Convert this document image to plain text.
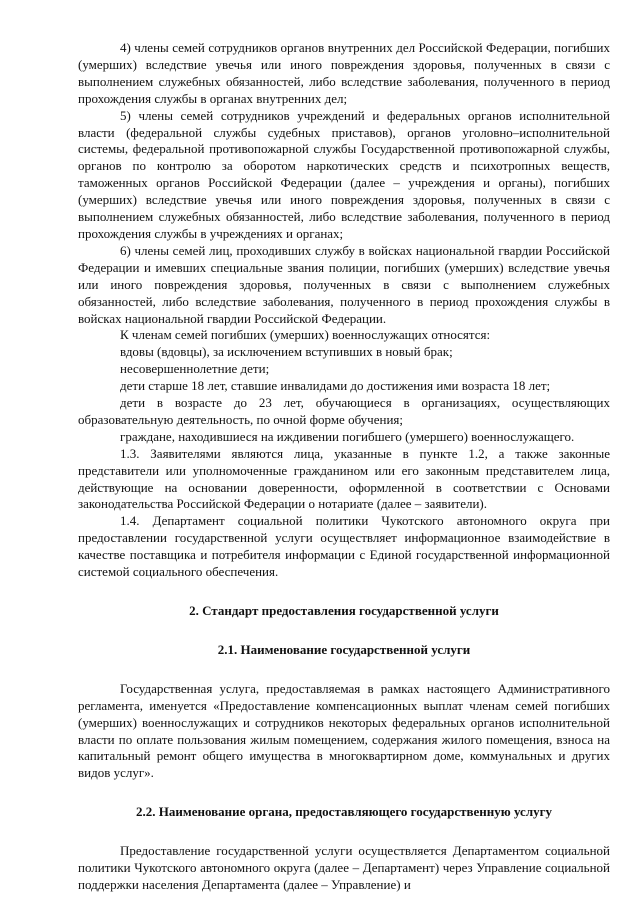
4) члены семей сотрудников органов внутренних дел Российской Федерации, погибших (умерших) вследствие увечья или иного повреждения здоровья, полученных в связи с выполнением служебных обязанностей, либо вследствие заболевания, полученного в период прохождения службы в органах внутренних дел;

5) члены семей сотрудников учреждений и федеральных органов исполнительной власти (федеральной службы судебных приставов), органов уголовно–исполнительной системы, федеральной противопожарной службы Государственной противопожарной службы, органов по контролю за оборотом наркотических средств и психотропных веществ, таможенных органов Российской Федерации (далее – учреждения и органы), погибших (умерших) вследствие увечья или иного повреждения здоровья, полученных в связи с выполнением служебных обязанностей, либо вследствие заболевания, полученного в период прохождения службы в учреждениях и органах;

6) члены семей лиц, проходивших службу в войсках национальной гвардии Российской Федерации и имевших специальные звания полиции, погибших (умерших) вследствие увечья или иного повреждения здоровья, полученных в связи с выполнением служебных обязанностей, либо вследствие заболевания, полученного в период прохождения службы в войсках национальной гвардии Российской Федерации.

К членам семей погибших (умерших) военнослужащих относятся:

вдовы (вдовцы), за исключением вступивших в новый брак;

несовершеннолетние дети;

дети старше 18 лет, ставшие инвалидами до достижения ими возраста 18 лет;

дети в возрасте до 23 лет, обучающиеся в организациях, осуществляющих образовательную деятельность, по очной форме обучения;

граждане, находившиеся на иждивении погибшего (умершего) военнослужащего.

1.3. Заявителями являются лица, указанные в пункте 1.2, а также законные представители или уполномоченные гражданином или его законным представителем лица, действующие на основании доверенности, оформленной в соответствии с Основами законодательства Российской Федерации о нотариате (далее – заявители).

1.4. Департамент социальной политики Чукотского автономного округа при предоставлении государственной услуги осуществляет информационное взаимодействие в качестве поставщика и потребителя информации с Единой государственной информационной системой социального обеспечения.

2. Стандарт предоставления государственной услуги

2.1. Наименование государственной услуги

Государственная услуга, предоставляемая в рамках настоящего Административного регламента, именуется «Предоставление компенсационных выплат членам семей погибших (умерших) военнослужащих и сотрудников некоторых федеральных органов исполнительной власти по оплате пользования жилым помещением, содержания жилого помещения, взноса на капитальный ремонт общего имущества в многоквартирном доме, коммунальных и других видов услуг».

2.2. Наименование органа, предоставляющего государственную услугу

Предоставление государственной услуги осуществляется Департаментом социальной политики Чукотского автономного округа (далее – Департамент) через Управление социальной поддержки населения Департамента (далее – Управление) и
